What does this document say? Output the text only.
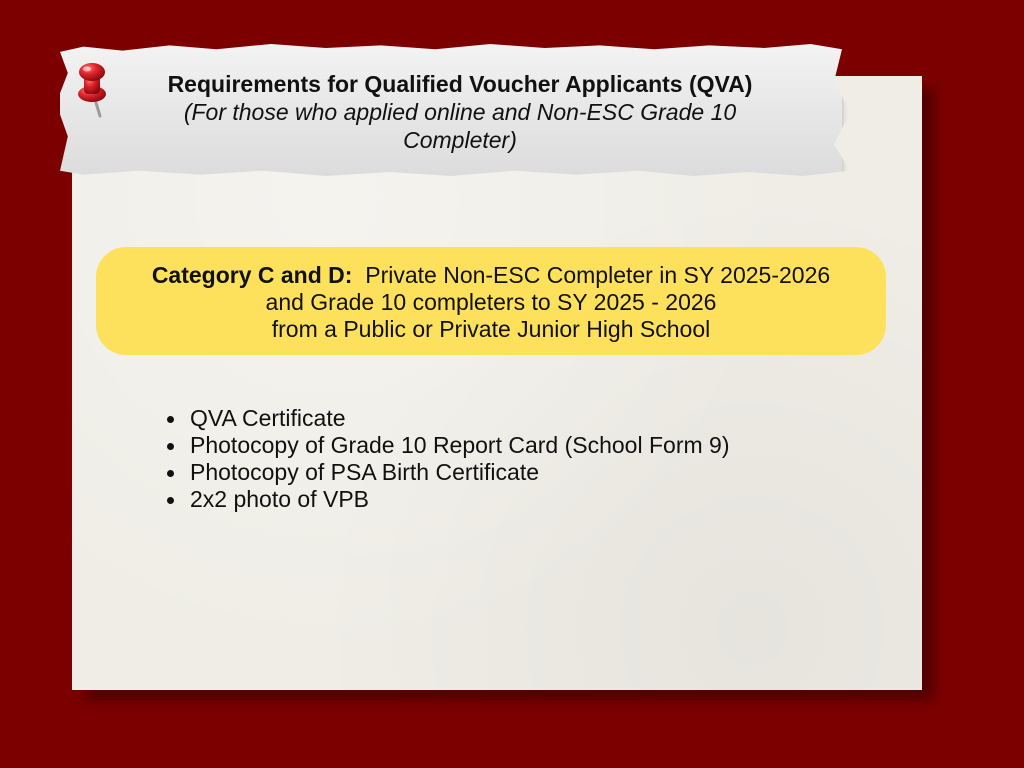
Requirements for Qualified Voucher Applicants (QVA)
(For those who applied online and Non-ESC Grade 10 Completer)
Category C and D: Private Non-ESC Completer in SY 2025-2026
and Grade 10 completers to SY 2025 - 2026
from a Public or Private Junior High School
QVA Certificate
Photocopy of Grade 10 Report Card (School Form 9)
Photocopy of PSA Birth Certificate
2x2 photo of VPB
